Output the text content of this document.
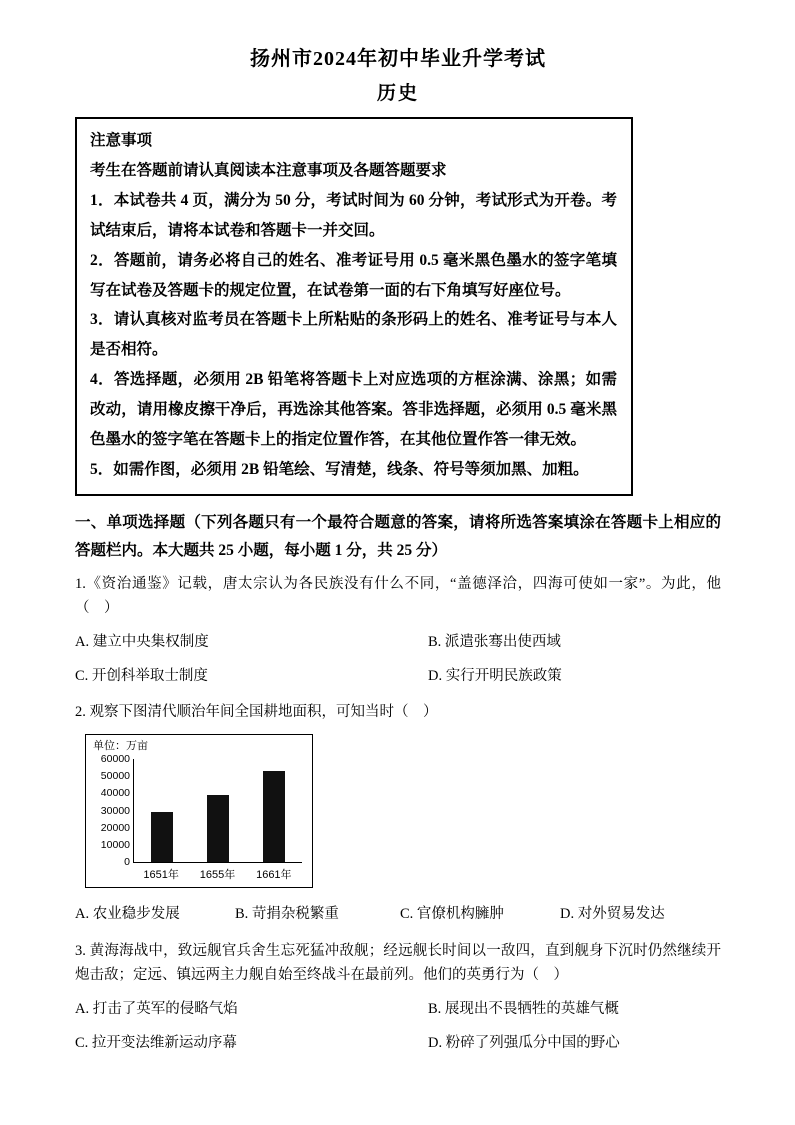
扬州市2024年初中毕业升学考试
历史
注意事项
考生在答题前请认真阅读本注意事项及各题答题要求
1．本试卷共 4 页，满分为 50 分，考试时间为 60 分钟，考试形式为开卷。考试结束后，请将本试卷和答题卡一并交回。
2．答题前，请务必将自己的姓名、准考证号用 0.5 毫米黑色墨水的签字笔填写在试卷及答题卡的规定位置，在试卷第一面的右下角填写好座位号。
3．请认真核对监考员在答题卡上所粘贴的条形码上的姓名、准考证号与本人是否相符。
4．答选择题，必须用 2B 铅笔将答题卡上对应选项的方框涂满、涂黑；如需改动，请用橡皮擦干净后，再选涂其他答案。答非选择题，必须用 0.5 毫米黑色墨水的签字笔在答题卡上的指定位置作答，在其他位置作答一律无效。
5．如需作图，必须用 2B 铅笔绘、写清楚，线条、符号等须加黑、加粗。
一、单项选择题（下列各题只有一个最符合题意的答案，请将所选答案填涂在答题卡上相应的答题栏内。本大题共 25 小题，每小题 1 分，共 25 分）
1.《资治通鉴》记载，唐太宗认为各民族没有什么不同，“盖德泽洽，四海可使如一家”。为此，他（　）
A. 建立中央集权制度	B. 派遣张骞出使西域
C. 开创科举取士制度	D. 实行开明民族政策
2. 观察下图清代顺治年间全国耕地面积，可知当时（　）
单位：万亩
60000
50000
40000
30000
20000
10000
0
1651年 1655年 1661年
A. 农业稳步发展	B. 苛捐杂税繁重	C. 官僚机构臃肿	D. 对外贸易发达
3. 黄海海战中，致远舰官兵舍生忘死猛冲敌舰；经远舰长时间以一敌四，直到舰身下沉时仍然继续开炮击敌；定远、镇远两主力舰自始至终战斗在最前列。他们的英勇行为（　）
A. 打击了英军的侵略气焰	B. 展现出不畏牺牲的英雄气概
C. 拉开变法维新运动序幕	D. 粉碎了列强瓜分中国的野心
